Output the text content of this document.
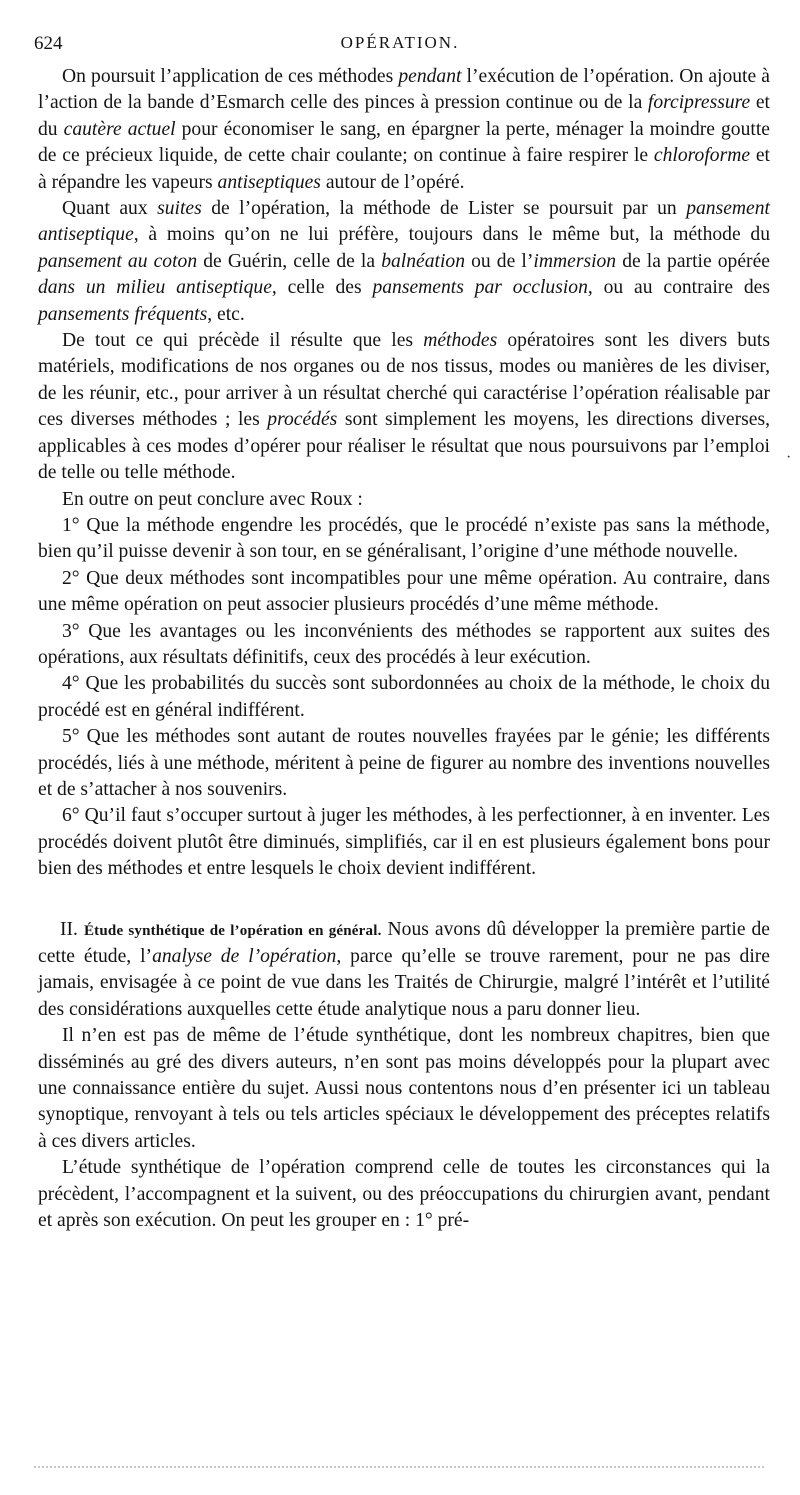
624	OPÉRATION.
·

On poursuit l’application de ces méthodes pendant l’exécution de l’opération. On ajoute à l’action de la bande d’Esmarch celle des pinces à pression continue ou de la forcipressure et du cautère actuel pour économiser le sang, en épargner la perte, ménager la moindre goutte de ce précieux liquide, de cette chair coulante; on continue à faire respirer le chloroforme et à répandre les vapeurs antiseptiques autour de l’opéré.

Quant aux suites de l’opération, la méthode de Lister se poursuit par un pansement antiseptique, à moins qu’on ne lui préfère, toujours dans le même but, la méthode du pansement au coton de Guérin, celle de la balnéation ou de l’immersion de la partie opérée dans un milieu antiseptique, celle des pansements par occlusion, ou au contraire des pansements fréquents, etc.

De tout ce qui précède il résulte que les méthodes opératoires sont les divers buts matériels, modifications de nos organes ou de nos tissus, modes ou manières de les diviser, de les réunir, etc., pour arriver à un résultat cherché qui caractérise l’opération réalisable par ces diverses méthodes ; les procédés sont simplement les moyens, les directions diverses, applicables à ces modes d’opérer pour réaliser le résultat que nous poursuivons par l’emploi de telle ou telle méthode.

En outre on peut conclure avec Roux :

1° Que la méthode engendre les procédés, que le procédé n’existe pas sans la méthode, bien qu’il puisse devenir à son tour, en se généralisant, l’origine d’une méthode nouvelle.

2° Que deux méthodes sont incompatibles pour une même opération. Au contraire, dans une même opération on peut associer plusieurs procédés d’une même méthode.

3° Que les avantages ou les inconvénients des méthodes se rapportent aux suites des opérations, aux résultats définitifs, ceux des procédés à leur exécution.

4° Que les probabilités du succès sont subordonnées au choix de la méthode, le choix du procédé est en général indifférent.

5° Que les méthodes sont autant de routes nouvelles frayées par le génie; les différents procédés, liés à une méthode, méritent à peine de figurer au nombre des inventions nouvelles et de s’attacher à nos souvenirs.

6° Qu’il faut s’occuper surtout à juger les méthodes, à les perfectionner, à en inventer. Les procédés doivent plutôt être diminués, simplifiés, car il en est plusieurs également bons pour bien des méthodes et entre lesquels le choix devient indifférent.

II. Étude synthétique de l’opération en général. Nous avons dû développer la première partie de cette étude, l’analyse de l’opération, parce qu’elle se trouve rarement, pour ne pas dire jamais, envisagée à ce point de vue dans les Traités de Chirurgie, malgré l’intérêt et l’utilité des considérations auxquelles cette étude analytique nous a paru donner lieu.

Il n’en est pas de même de l’étude synthétique, dont les nombreux chapitres, bien que disséminés au gré des divers auteurs, n’en sont pas moins développés pour la plupart avec une connaissance entière du sujet. Aussi nous contentons nous d’en présenter ici un tableau synoptique, renvoyant à tels ou tels articles spéciaux le développement des préceptes relatifs à ces divers articles.

L’étude synthétique de l’opération comprend celle de toutes les circonstances qui la précèdent, l’accompagnent et la suivent, ou des préoccupations du chirurgien avant, pendant et après son exécution. On peut les grouper en : 1° pré-
